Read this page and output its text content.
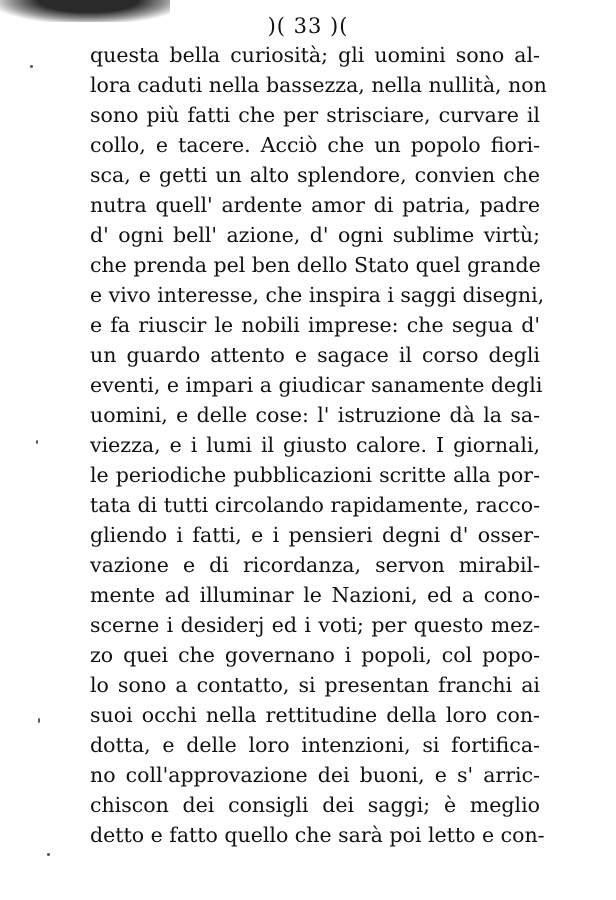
)( 33 )(
questa bella curiosità; gli uomini sono al-
lora caduti nella bassezza, nella nullità, non
sono più fatti che per strisciare, curvare il
collo, e tacere. Acciò che un popolo fiori-
sca, e getti un alto splendore, convien che
nutra quell' ardente amor di patria, padre
d' ogni bell' azione, d' ogni sublime virtù;
che prenda pel ben dello Stato quel grande
e vivo interesse, che inspira i saggi disegni,
e fa riuscir le nobili imprese: che segua d'
un guardo attento e sagace il corso degli
eventi, e impari a giudicar sanamente degli
uomini, e delle cose: l' istruzione dà la sa-
viezza, e i lumi il giusto calore. I giornali,
le periodiche pubblicazioni scritte alla por-
tata di tutti circolando rapidamente, racco-
gliendo i fatti, e i pensieri degni d' osser-
vazione e di ricordanza, servon mirabil-
mente ad illuminar le Nazioni, ed a cono-
scerne i desiderj ed i voti; per questo mez-
zo quei che governano i popoli, col popo-
lo sono a contatto, si presentan franchi ai
suoi occhi nella rettitudine della loro con-
dotta, e delle loro intenzioni, si fortifica-
no coll'approvazione dei buoni, e s' arric-
chiscon dei consigli dei saggi; è meglio
detto e fatto quello che sarà poi letto e con-
